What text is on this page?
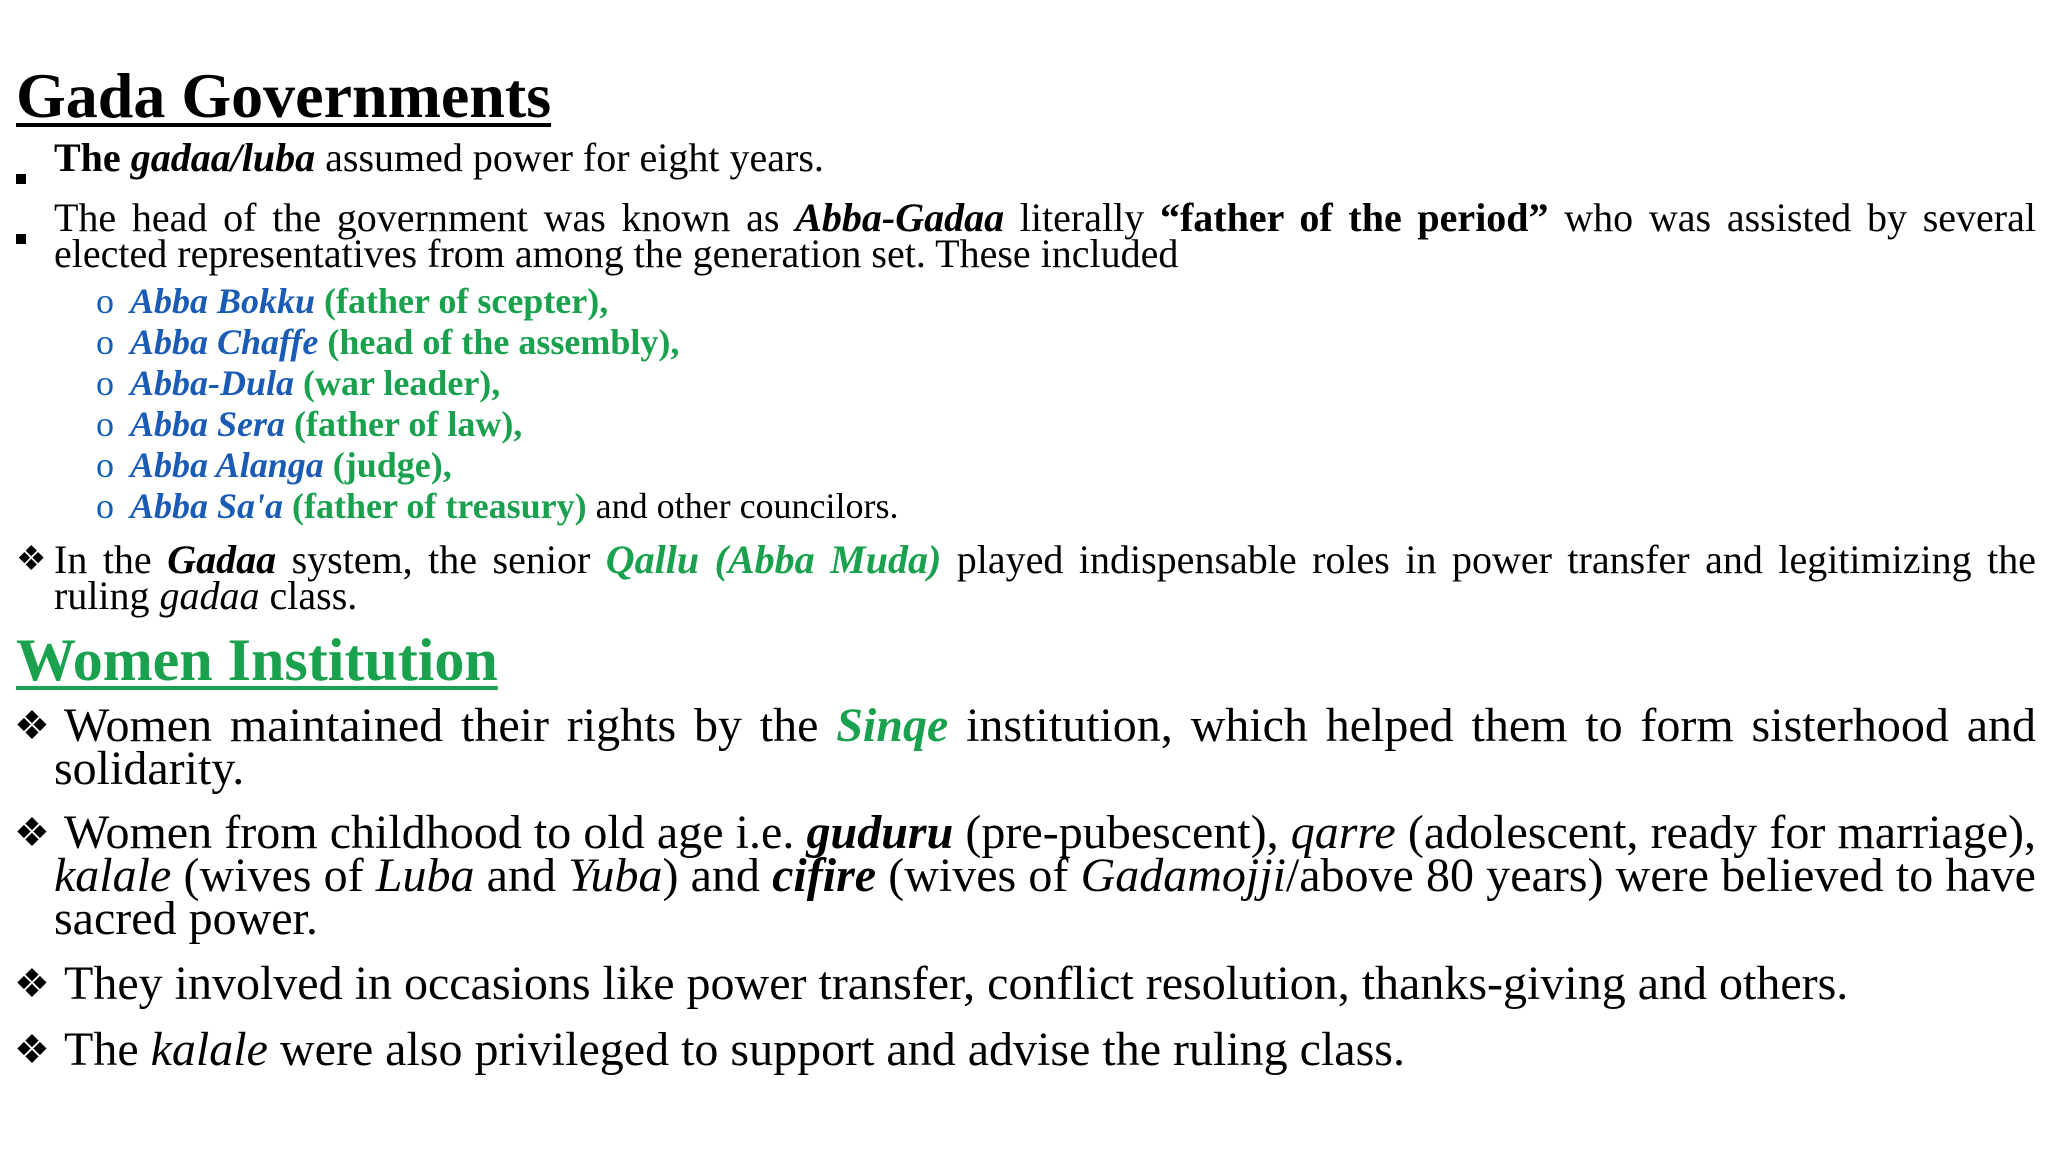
Gada Governments
The gadaa/luba assumed power for eight years.
The head of the government was known as Abba-Gadaa literally “father of the period” who was assisted by several elected representatives from among the generation set. These included
o Abba Bokku (father of scepter),
o Abba Chaffe (head of the assembly),
o Abba-Dula (war leader),
o Abba Sera (father of law),
o Abba Alanga (judge),
o Abba Sa'a (father of treasury) and other councilors.
❖ In the Gadaa system, the senior Qallu (Abba Muda) played indispensable roles in power transfer and legitimizing the ruling gadaa class.
Women Institution
❖ Women maintained their rights by the Sinqe institution, which helped them to form sisterhood and solidarity.
❖ Women from childhood to old age i.e. guduru (pre-pubescent), qarre (adolescent, ready for marriage), kalale (wives of Luba and Yuba) and cifire (wives of Gadamojji/above 80 years) were believed to have sacred power.
❖ They involved in occasions like power transfer, conflict resolution, thanks-giving and others.
❖ The kalale were also privileged to support and advise the ruling class.
